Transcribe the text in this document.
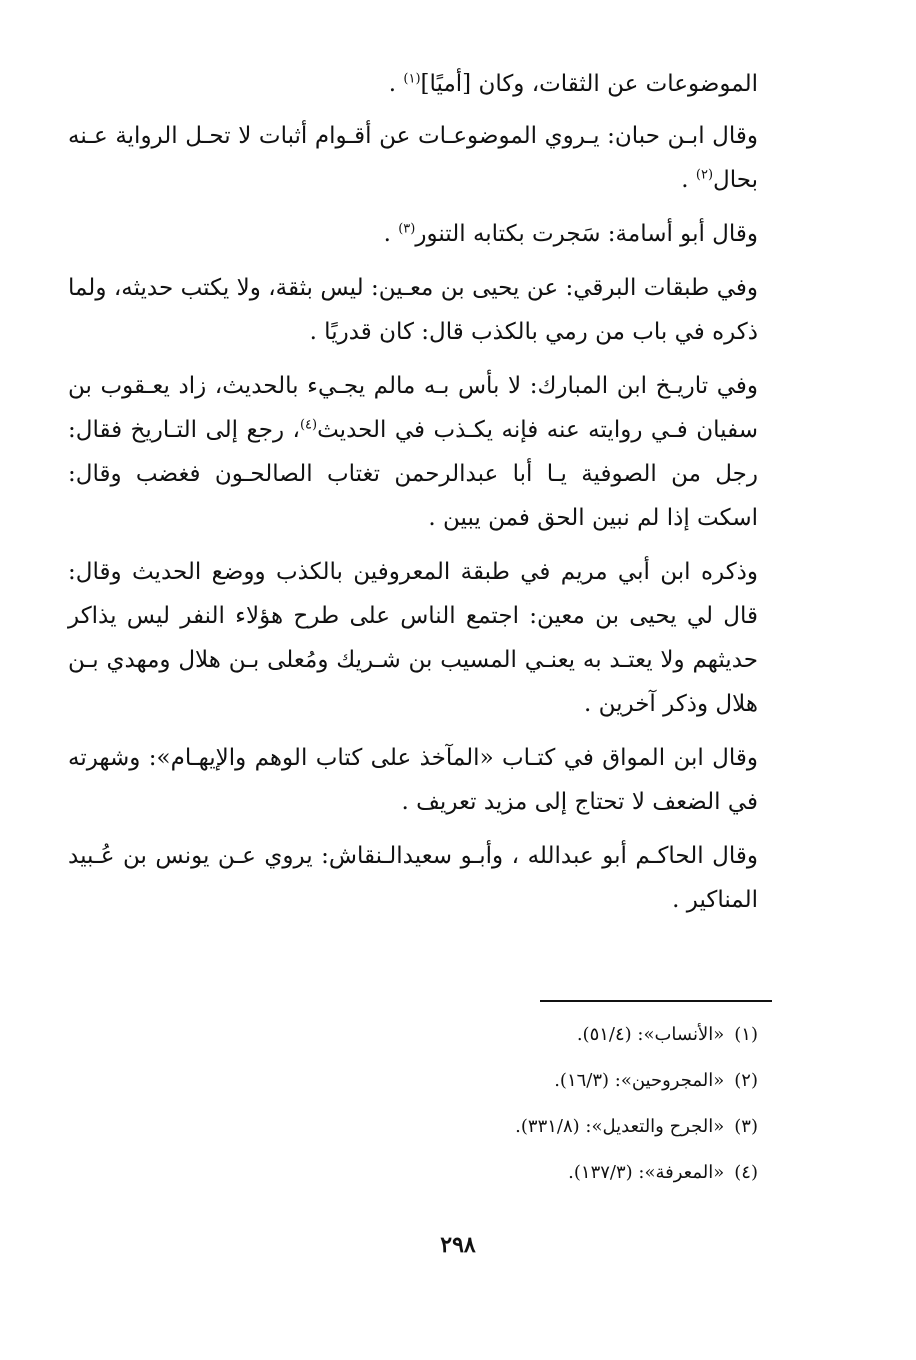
الموضوعات عن الثقات، وكان [أميًا]$^{(١)}$ .

وقال ابـن حبان: يـروي الموضوعـات عن أقـوام أثبات لا تحـل الرواية عـنه بحال$^{(٢)}$ .

وقال أبو أسامة: سَجرت بكتابه التنور$^{(٣)}$ .

وفي طبقات البرقي: عن يحيى بن معـين: ليس بثقة، ولا يكتب حديثه، ولما ذكره في باب من رمي بالكذب قال: كان قدريًا .

وفي تاريـخ ابن المبارك: لا بأس بـه مالم يجـيء بالحديث، زاد يعـقوب بن سفيان فـي روايته عنه فإنه يكـذب في الحديث$^{(٤)}$، رجع إلى التـاريخ فقال: رجل من الصوفية يـا أبا عبدالرحمن تغتاب الصالحـون فغضب وقال: اسكت إذا لم نبين الحق فمن يبين .

وذكره ابن أبي مريم في طبقة المعروفين بالكذب ووضع الحديث وقال: قال لي يحيى بن معين: اجتمع الناس على طرح هؤلاء النفر ليس يذاكر حديثهم ولا يعتـد به يعنـي المسيب بن شـريك ومُعلى بـن هلال ومهدي بـن هلال وذكر آخرين .

وقال ابن المواق في كتـاب «المآخذ على كتاب الوهم والإيهـام»: وشهرته في الضعف لا تحتاج إلى مزيد تعريف .

وقال الحاكـم أبو عبدالله ، وأبـو سعيدالـنقاش: يروي عـن يونس بن عُـبيد المناكير .

(١)«الأنساب»: (٥١/٤).

(٢)«المجروحين»: (١٦/٣).

(٣)«الجرح والتعديل»: (٣٣١/٨).

(٤)«المعرفة»: (١٣٧/٣).

٢٩٨
